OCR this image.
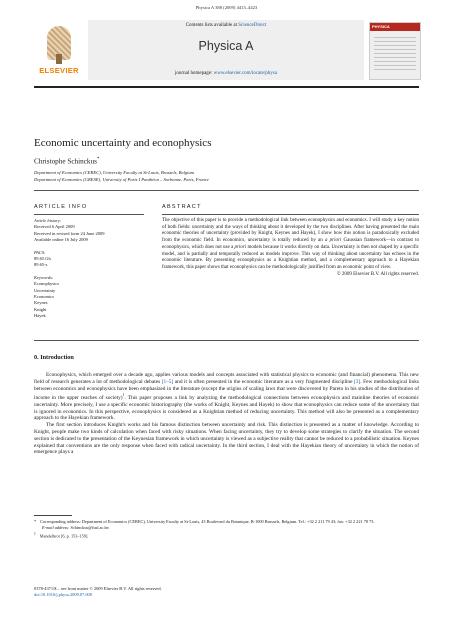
Physica A 388 (2009) 4415–4423
ELSEVIER
Contents lists available at ScienceDirect
Physica A
journal homepage: www.elsevier.com/locate/physa
PHYSICA
Economic uncertainty and econophysics
Christophe Schinckus*
Department of Economics (CEREC), University Faculty at St-Louis, Brussels, Belgium
Department of Economics (GRESE), University of Paris I Panthéon – Sorbonne, Paris, France
ARTICLE INFO	ABSTRACT
Article history:
Received 6 April 2009
Received in revised form 24 June 2009
Available online 16 July 2009
PACS:
89.65.Gh
89.65-s
Keywords:
Econophysics
Uncertainty
Economics
Keynes
Knight
Hayek
The objective of this paper is to provide a methodological link between econophysics and economics. I will study a key notion of both fields: uncertainty and the ways of thinking about it developed by the two disciplines. After having presented the main economic theories of uncertainty (provided by Knight, Keynes and Hayek), I show how this notion is paradoxically excluded from the economic field. In economics, uncertainty is totally reduced by an a priori Gaussian framework—in contrast to econophysics, which does not use a priori models because it works directly on data. Uncertainty is then not shaped by a specific model, and is partially and temporally reduced as models improve. This way of thinking about uncertainty has echoes in the economic literature. By presenting econophysics as a Knightian method, and a complementary approach to a Hayekian framework, this paper shows that econophysics can be methodologically justified from an economic point of view.
© 2009 Elsevier B.V. All rights reserved.
0. Introduction

Econophysics, which emerged over a decade ago, applies various models and concepts associated with statistical physics to economic (and financial) phenomena. This new field of research generates a lot of methodological debates [1–5] and it is often presented in the economic literature as a very fragmented discipline [3]. Few methodological links between economics and econophysics have been emphasized in the literature (except the origins of scaling laws that were discovered by Pareto in his studies of the distribution of income in the upper reaches of society)$^1$. This paper proposes a link by analyzing the methodological connections between econophysics and mainline theories of economic uncertainty. More precisely, I use a specific economic historiography (the works of Knight, Keynes and Hayek) to show that econophysics can reduce some of the uncertainty that is ignored in economics. In this perspective, econophysics is considered as a Knightian method of reducing uncertainty. This method will also be presented as a complementary approach to the Hayekian framework.

The first section introduces Knight's works and his famous distinction between uncertainty and risk. This distinction is presented as a matter of knowledge. According to Knight, people make two kinds of calculation when faced with risky situations. When facing uncertainty, they try to develop some strategies to clarify the situation. The second section is dedicated to the presentation of the Keynesian framework in which uncertainty is viewed as a subjective reality that cannot be reduced to a probabilistic situation. Keynes explained that conventions are the only response when faced with radical uncertainty. In the third section, I deal with the Hayekian theory of uncertainty in which the notion of emergence plays a

* Corresponding address: Department of Economics (CEREC), University Faculty at St-Louis, 43 Boulevard du Botanique, B-1000 Brussels, Belgium. Tel.: +32 2 211 79 43; fax: +32 2 221 78 73.
E-mail address: Schinckus@fusl.ac.be.
$^1$ Mandelbrot [6, p. 153–159].
0378-4371/$ – see front matter © 2009 Elsevier B.V. All rights reserved.
doi:10.1016/j.physa.2009.07.008
